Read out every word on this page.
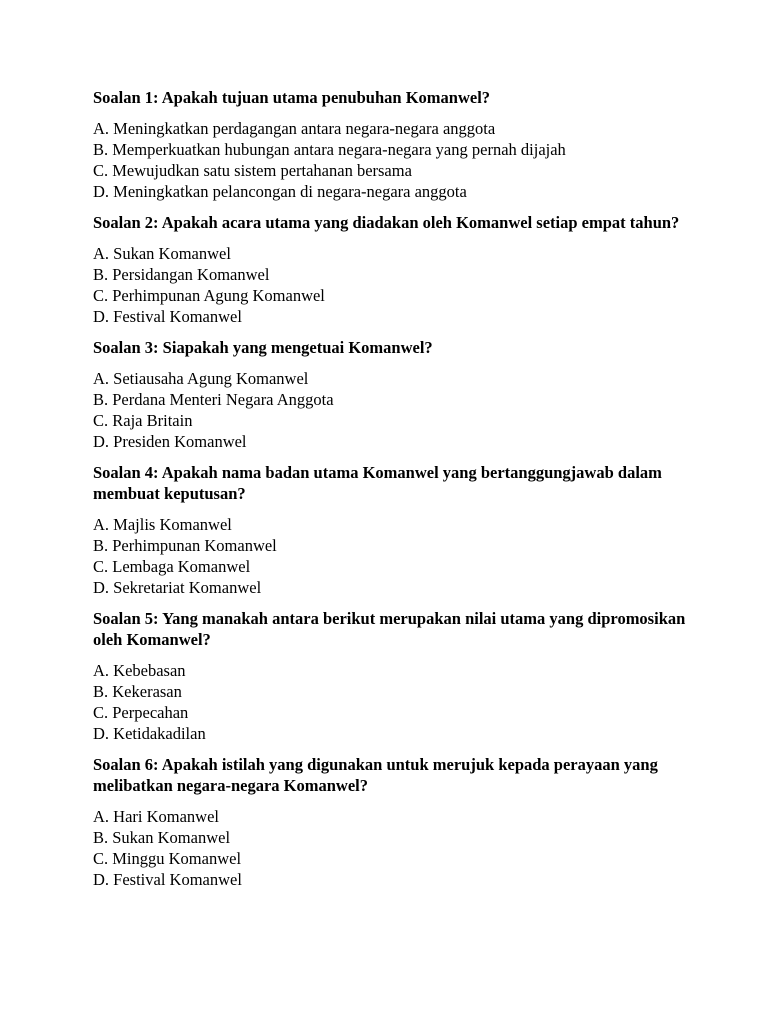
Soalan 1: Apakah tujuan utama penubuhan Komanwel?
A. Meningkatkan perdagangan antara negara-negara anggota
B. Memperkuatkan hubungan antara negara-negara yang pernah dijajah
C. Mewujudkan satu sistem pertahanan bersama
D. Meningkatkan pelancongan di negara-negara anggota
Soalan 2: Apakah acara utama yang diadakan oleh Komanwel setiap empat tahun?
A. Sukan Komanwel
B. Persidangan Komanwel
C. Perhimpunan Agung Komanwel
D. Festival Komanwel
Soalan 3: Siapakah yang mengetuai Komanwel?
A. Setiausaha Agung Komanwel
B. Perdana Menteri Negara Anggota
C. Raja Britain
D. Presiden Komanwel
Soalan 4: Apakah nama badan utama Komanwel yang bertanggungjawab dalam membuat keputusan?
A. Majlis Komanwel
B. Perhimpunan Komanwel
C. Lembaga Komanwel
D. Sekretariat Komanwel
Soalan 5: Yang manakah antara berikut merupakan nilai utama yang dipromosikan oleh Komanwel?
A. Kebebasan
B. Kekerasan
C. Perpecahan
D. Ketidakadilan
Soalan 6: Apakah istilah yang digunakan untuk merujuk kepada perayaan yang melibatkan negara-negara Komanwel?
A. Hari Komanwel
B. Sukan Komanwel
C. Minggu Komanwel
D. Festival Komanwel
